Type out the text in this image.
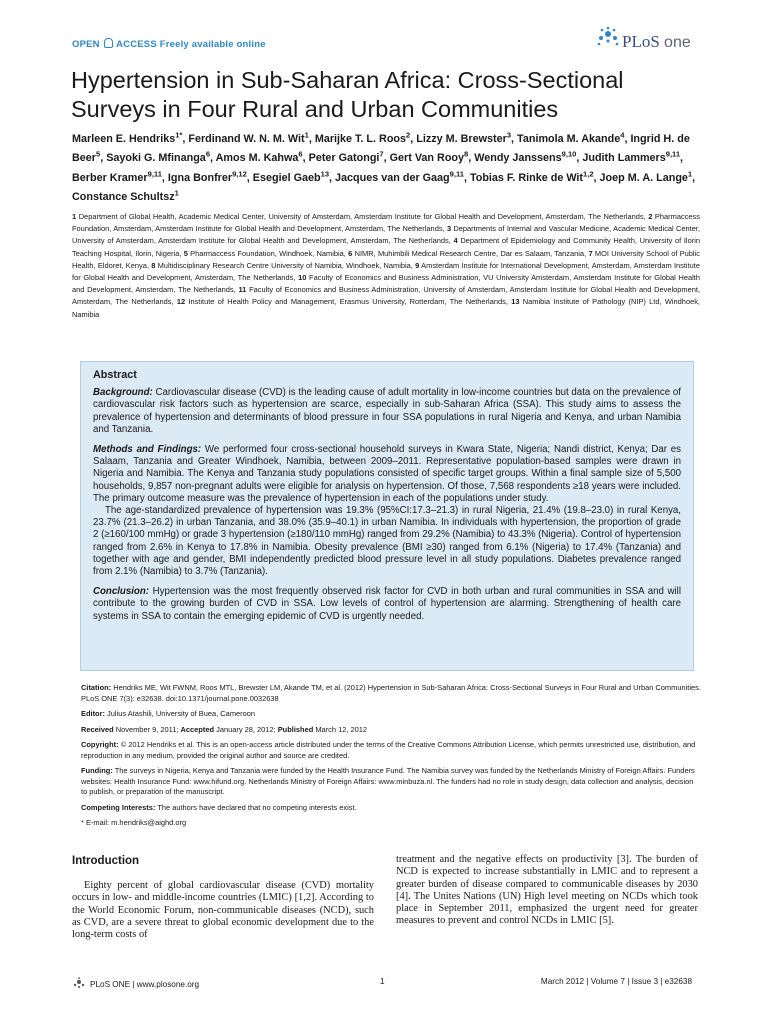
OPEN ACCESS Freely available online	PLoS one
Hypertension in Sub-Saharan Africa: Cross-Sectional Surveys in Four Rural and Urban Communities
Marleen E. Hendriks$^{1*}$, Ferdinand W. N. M. Wit$^1$, Marijke T. L. Roos$^2$, Lizzy M. Brewster$^3$, Tanimola M. Akande$^4$, Ingrid H. de Beer$^5$, Sayoki G. Mfinanga$^6$, Amos M. Kahwa$^6$, Peter Gatongi$^7$, Gert Van Rooy$^8$, Wendy Janssens$^{9,10}$, Judith Lammers$^{9,11}$, Berber Kramer$^{9,11}$, Igna Bonfrer$^{9,12}$, Esegiel Gaeb$^{13}$, Jacques van der Gaag$^{9,11}$, Tobias F. Rinke de Wit$^{1,2}$, Joep M. A. Lange$^1$, Constance Schultsz$^1$
1 Department of Global Health, Academic Medical Center, University of Amsterdam, Amsterdam Institute for Global Health and Development, Amsterdam, The Netherlands, 2 Pharmaccess Foundation, Amsterdam, Amsterdam Institute for Global Health and Development, Amsterdam, The Netherlands, 3 Departments of Internal and Vascular Medicine, Academic Medical Center, University of Amsterdam, Amsterdam Institute for Global Health and Development, Amsterdam, The Netherlands, 4 Department of Epidemiology and Community Health, University of Ilorin Teaching Hospital, Ilorin, Nigeria, 5 Pharmaccess Foundation, Windhoek, Namibia, 6 NIMR, Muhimbili Medical Research Centre, Dar es Salaam, Tanzania, 7 MOI University School of Public Health, Eldoret, Kenya, 8 Multidisciplinary Research Centre University of Namibia, Windhoek, Namibia, 9 Amsterdam Institute for International Development, Amsterdam, Amsterdam Institute for Global Health and Development, Amsterdam, The Netherlands, 10 Faculty of Economics and Business Administration, VU University Amsterdam, Amsterdam Institute for Global Health and Development, Amsterdam, The Netherlands, 11 Faculty of Economics and Business Administration, University of Amsterdam, Amsterdam Institute for Global Health and Development, Amsterdam, The Netherlands, 12 Institute of Health Policy and Management, Erasmus University, Rotterdam, The Netherlands, 13 Namibia Institute of Pathology (NIP) Ltd, Windhoek, Namibia
Abstract

Background: Cardiovascular disease (CVD) is the leading cause of adult mortality in low-income countries but data on the prevalence of cardiovascular risk factors such as hypertension are scarce, especially in sub-Saharan Africa (SSA). This study aims to assess the prevalence of hypertension and determinants of blood pressure in four SSA populations in rural Nigeria and Kenya, and urban Namibia and Tanzania.

Methods and Findings: We performed four cross-sectional household surveys in Kwara State, Nigeria; Nandi district, Kenya; Dar es Salaam, Tanzania and Greater Windhoek, Namibia, between 2009–2011. Representative population-based samples were drawn in Nigeria and Namibia. The Kenya and Tanzania study populations consisted of specific target groups. Within a final sample size of 5,500 households, 9,857 non-pregnant adults were eligible for analysis on hypertension. Of those, 7,568 respondents ≥18 years were included. The primary outcome measure was the prevalence of hypertension in each of the populations under study.

The age-standardized prevalence of hypertension was 19.3% (95%CI:17.3–21.3) in rural Nigeria, 21.4% (19.8–23.0) in rural Kenya, 23.7% (21.3–26.2) in urban Tanzania, and 38.0% (35.9–40.1) in urban Namibia. In individuals with hypertension, the proportion of grade 2 (≥160/100 mmHg) or grade 3 hypertension (≥180/110 mmHg) ranged from 29.2% (Namibia) to 43.3% (Nigeria). Control of hypertension ranged from 2.6% in Kenya to 17.8% in Namibia. Obesity prevalence (BMI ≥30) ranged from 6.1% (Nigeria) to 17.4% (Tanzania) and together with age and gender, BMI independently predicted blood pressure level in all study populations. Diabetes prevalence ranged from 2.1% (Namibia) to 3.7% (Tanzania).

Conclusion: Hypertension was the most frequently observed risk factor for CVD in both urban and rural communities in SSA and will contribute to the growing burden of CVD in SSA. Low levels of control of hypertension are alarming. Strengthening of health care systems in SSA to contain the emerging epidemic of CVD is urgently needed.

Citation: Hendriks ME, Wit FWNM, Roos MTL, Brewster LM, Akande TM, et al. (2012) Hypertension in Sub-Saharan Africa: Cross-Sectional Surveys in Four Rural and Urban Communities. PLoS ONE 7(3): e32638. doi:10.1371/journal.pone.0032638
Editor: Julius Atashili, University of Buea, Cameroon
Received November 9, 2011; Accepted January 28, 2012; Published March 12, 2012
Copyright: © 2012 Hendriks et al. This is an open-access article distributed under the terms of the Creative Commons Attribution License, which permits unrestricted use, distribution, and reproduction in any medium, provided the original author and source are credited.
Funding: The surveys in Nigeria, Kenya and Tanzania were funded by the Health Insurance Fund. The Namibia survey was funded by the Netherlands Ministry of Foreign Affairs. Funders websites: Health Insurance Fund: www.hifund.org. Netherlands Ministry of Foreign Affairs: www.minbuza.nl. The funders had no role in study design, data collection and analysis, decision to publish, or preparation of the manuscript.
Competing Interests: The authors have declared that no competing interests exist.
* E-mail: m.hendriks@aighd.org
Introduction
Eighty percent of global cardiovascular disease (CVD) mortality occurs in low- and middle-income countries (LMIC) [1,2]. According to the World Economic Forum, non-communicable diseases (NCD), such as CVD, are a severe threat to global economic development due to the long-term costs of
treatment and the negative effects on productivity [3]. The burden of NCD is expected to increase substantially in LMIC and to represent a greater burden of disease compared to communicable diseases by 2030 [4]. The Unites Nations (UN) High level meeting on NCDs which took place in September 2011, emphasized the urgent need for greater measures to prevent and control NCDs in LMIC [5].
PLoS ONE | www.plosone.org	1	March 2012 | Volume 7 | Issue 3 | e32638
